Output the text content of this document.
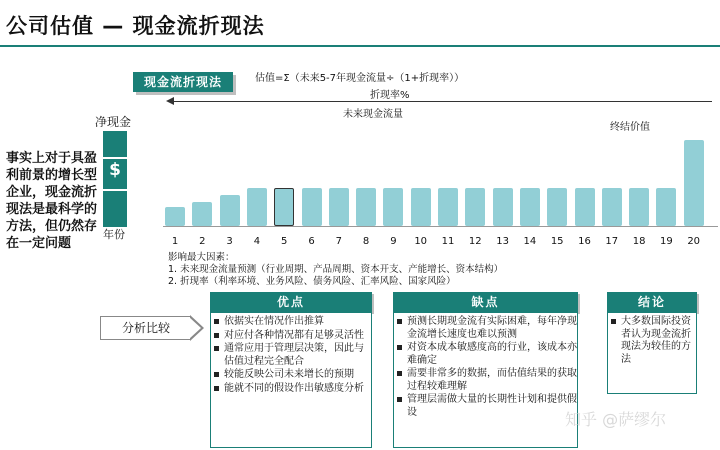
公司估值 — 现金流折现法
现金流折现法	估值=Σ（未来5-7年现金流量÷（1+折现率））
折现率%
未来现金流量
终结价值
净现金
$
年份
1	2	3	4	5	6	7	8	9	10	11	12	13	14	15	16	17	18	19	20
事实上对于具盈利前景的增长型企业，现金流折现法是最科学的方法，但仍然存在一定问题
影响最大因素：
1. 未来现金流量预测（行业周期、产品周期、资本开支、产能增长、资本结构）
2. 折现率（利率环境、业务风险、债务风险、汇率风险、国家风险）
分析比较
优点
依据实在情况作出推算
对应付各种情况都有足够灵活性
通常应用于管理层决策，因此与估值过程完全配合
较能反映公司未来增长的预期
能就不同的假设作出敏感度分析
缺点
预测长期现金流有实际困难，每年净现金流增长速度也难以预测
对资本成本敏感度高的行业，该成本亦难确定
需要非常多的数据，而估值结果的获取过程较难理解
管理层需做大量的长期性计划和提供假设
结论
大多数国际投资者认为现金流折现法为较佳的方法
知乎 @萨缪尔
